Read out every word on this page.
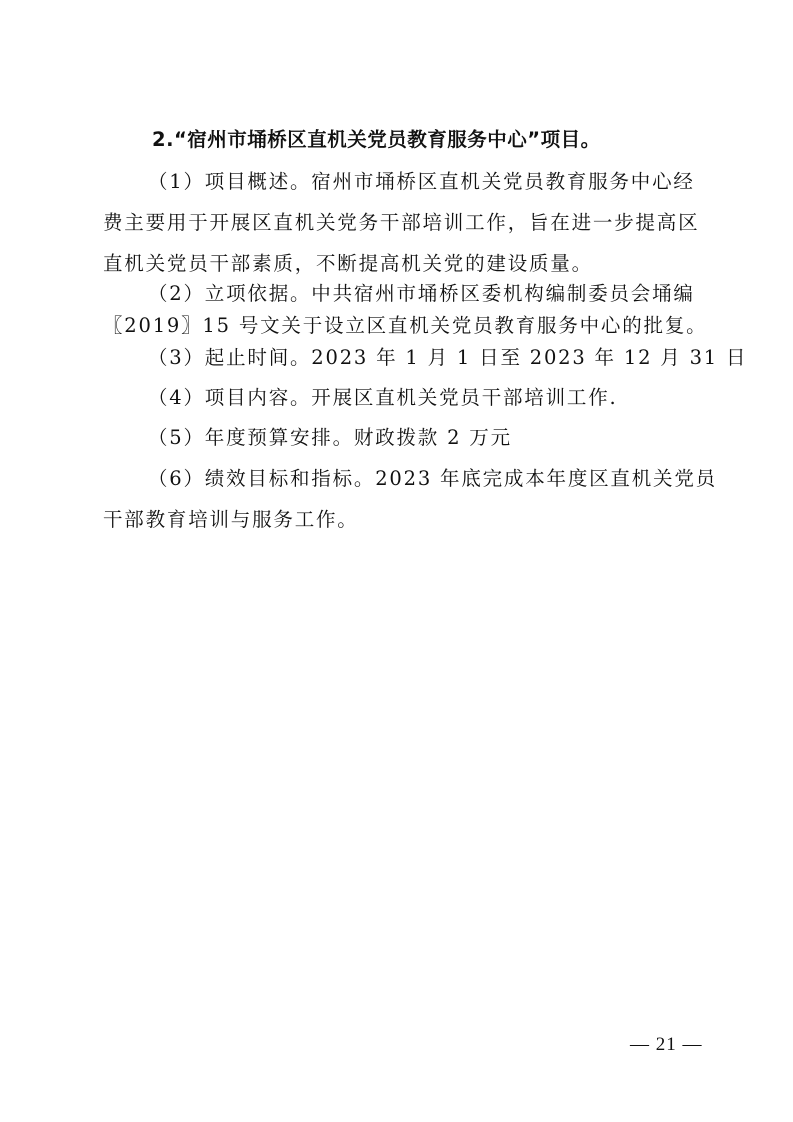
2.“宿州市埇桥区直机关党员教育服务中心”项目。
（1）项目概述。宿州市埇桥区直机关党员教育服务中心经
费主要用于开展区直机关党务干部培训工作，旨在进一步提高区
直机关党员干部素质，不断提高机关党的建设质量。
（2）立项依据。中共宿州市埇桥区委机构编制委员会埇编
〖2019〗15 号文关于设立区直机关党员教育服务中心的批复。
（3）起止时间。2023 年 1 月 1 日至 2023 年 12 月 31 日
（4）项目内容。开展区直机关党员干部培训工作.
（5）年度预算安排。财政拨款 2 万元
（6）绩效目标和指标。2023 年底完成本年度区直机关党员
干部教育培训与服务工作。
— 21 —
